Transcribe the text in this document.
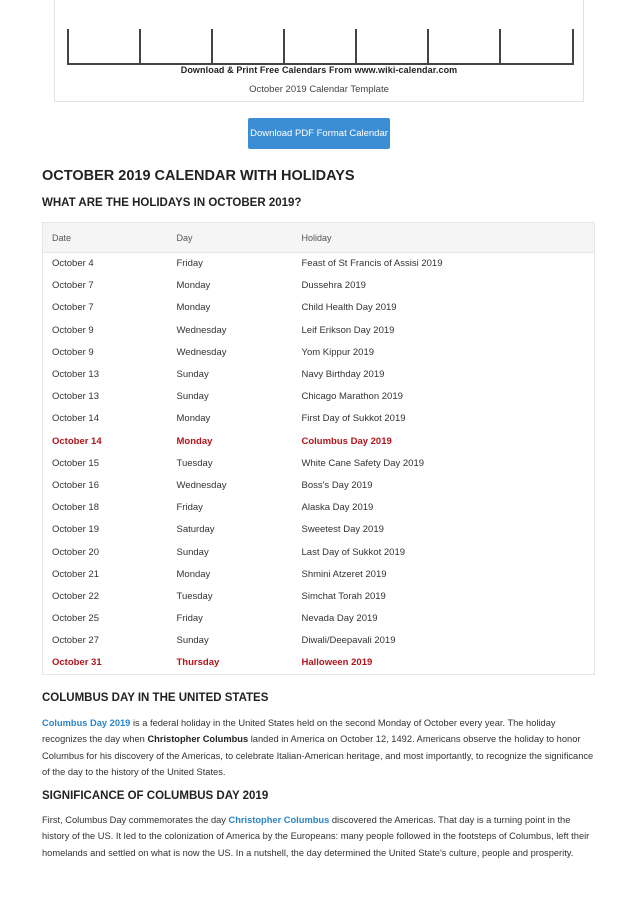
Download & Print Free Calendars From www.wiki-calendar.com
October 2019 Calendar Template
Download PDF Format Calendar
OCTOBER 2019 CALENDAR WITH HOLIDAYS
WHAT ARE THE HOLIDAYS IN OCTOBER 2019?
Date	Day	Holiday
October 4	Friday	Feast of St Francis of Assisi 2019
October 7	Monday	Dussehra 2019
October 7	Monday	Child Health Day 2019
October 9	Wednesday	Leif Erikson Day 2019
October 9	Wednesday	Yom Kippur 2019
October 13	Sunday	Navy Birthday 2019
October 13	Sunday	Chicago Marathon 2019
October 14	Monday	First Day of Sukkot 2019
October 14	Monday	Columbus Day 2019
October 15	Tuesday	White Cane Safety Day 2019
October 16	Wednesday	Boss's Day 2019
October 18	Friday	Alaska Day 2019
October 19	Saturday	Sweetest Day 2019
October 20	Sunday	Last Day of Sukkot 2019
October 21	Monday	Shmini Atzeret 2019
October 22	Tuesday	Simchat Torah 2019
October 25	Friday	Nevada Day 2019
October 27	Sunday	Diwali/Deepavali 2019
October 31	Thursday	Halloween 2019
COLUMBUS DAY IN THE UNITED STATES

Columbus Day 2019 is a federal holiday in the United States held on the second Monday of October every year. The holiday recognizes the day when Christopher Columbus landed in America on October 12, 1492. Americans observe the holiday to honor Columbus for his discovery of the Americas, to celebrate Italian-American heritage, and most importantly, to recognize the significance of the day to the history of the United States.

SIGNIFICANCE OF COLUMBUS DAY 2019

First, Columbus Day commemorates the day Christopher Columbus discovered the Americas. That day is a turning point in the history of the US. It led to the colonization of America by the Europeans: many people followed in the footsteps of Columbus, left their homelands and settled on what is now the US. In a nutshell, the day determined the United State's culture, people and prosperity.
